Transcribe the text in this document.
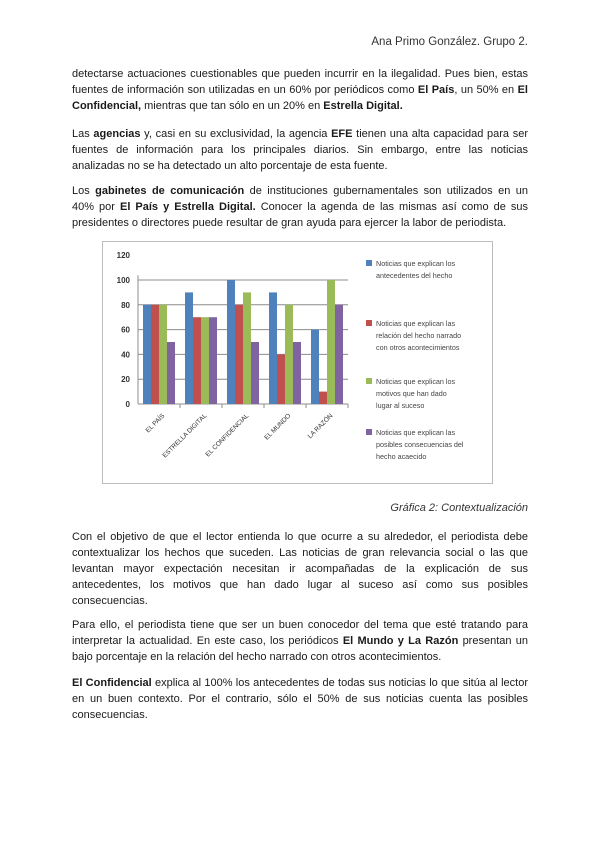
Ana Primo González. Grupo 2.

detectarse actuaciones cuestionables que pueden incurrir en la ilegalidad. Pues bien, estas fuentes de información son utilizadas en un 60% por periódicos como El País, un 50% en El Confidencial, mientras que tan sólo en un 20% en Estrella Digital.

Las agencias y, casi en su exclusividad, la agencia EFE tienen una alta capacidad para ser fuentes de información para los principales diarios. Sin embargo, entre las noticias analizadas no se ha detectado un alto porcentaje de esta fuente.

Los gabinetes de comunicación de instituciones gubernamentales son utilizados en un 40% por El País y Estrella Digital. Conocer la agenda de las mismas así como de sus presidentes o directores puede resultar de gran ayuda para ejercer la labor de periodista.

0
20
40
60
80
100
120
EL PAÍS
ESTRELLA DIGITAL
EL CONFIDENCIAL EL MUNDO LA RAZÓN
Noticias que explican los
antecedentes del hecho
Noticias que explican las
relación del hecho narrado
con otros acontecimientos
Noticias que explican los
motivos que han dado
lugar al suceso
Noticias que explican las
posibles consecuencias del
hecho acaecido
Gráfica 2: Contextualización

Con el objetivo de que el lector entienda lo que ocurre a su alrededor, el periodista debe contextualizar los hechos que suceden. Las noticias de gran relevancia social o las que levantan mayor expectación necesitan ir acompañadas de la explicación de sus antecedentes, los motivos que han dado lugar al suceso así como sus posibles consecuencias.

Para ello, el periodista tiene que ser un buen conocedor del tema que esté tratando para interpretar la actualidad. En este caso, los periódicos El Mundo y La Razón presentan un bajo porcentaje en la relación del hecho narrado con otros acontecimientos.

El Confidencial explica al 100% los antecedentes de todas sus noticias lo que sitúa al lector en un buen contexto. Por el contrario, sólo el 50% de sus noticias cuenta las posibles consecuencias.
